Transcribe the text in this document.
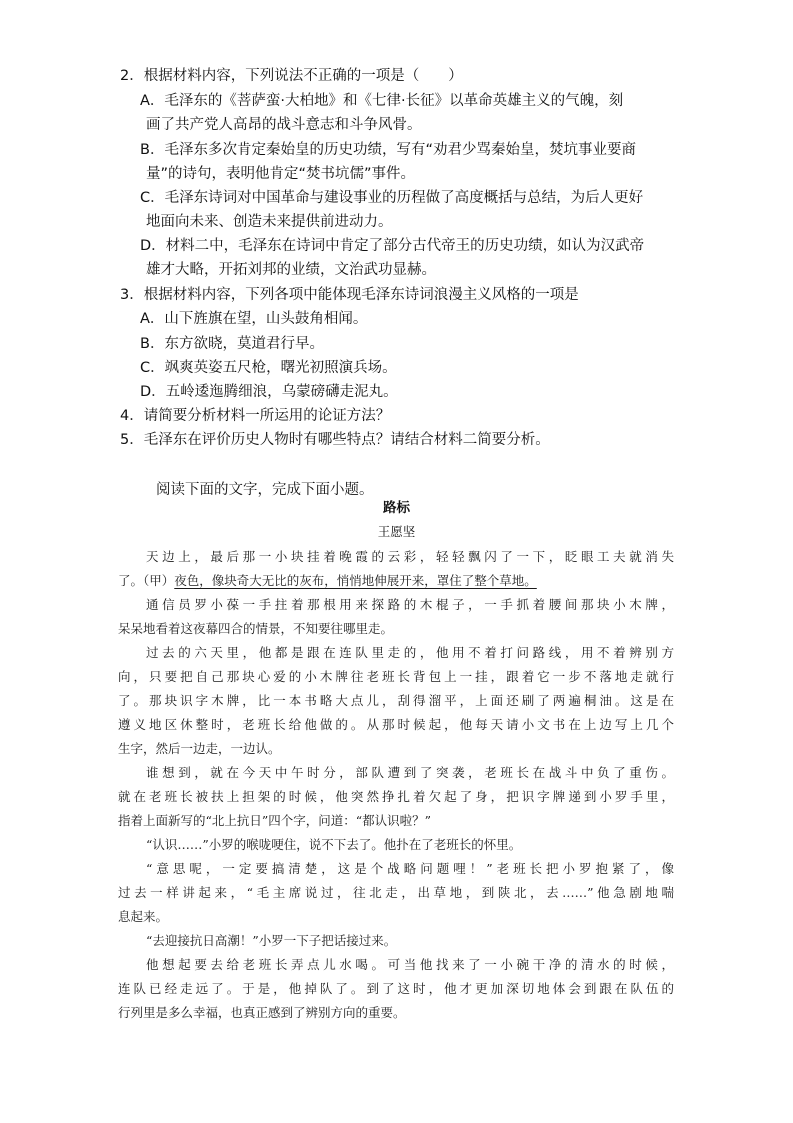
2．根据材料内容，下列说法不正确的一项是（　　）
A．毛泽东的《菩萨蛮·大柏地》和《七律·长征》以革命英雄主义的气魄，刻
画了共产党人高昂的战斗意志和斗争风骨。
B．毛泽东多次肯定秦始皇的历史功绩，写有“劝君少骂秦始皇，焚坑事业要商
量”的诗句，表明他肯定“焚书坑儒”事件。
C．毛泽东诗词对中国革命与建设事业的历程做了高度概括与总结，为后人更好
地面向未来、创造未来提供前进动力。
D．材料二中，毛泽东在诗词中肯定了部分古代帝王的历史功绩，如认为汉武帝
雄才大略，开拓刘邦的业绩，文治武功显赫。
3．根据材料内容，下列各项中能体现毛泽东诗词浪漫主义风格的一项是
A．山下旌旗在望，山头鼓角相闻。
B．东方欲晓，莫道君行早。
C．飒爽英姿五尺枪，曙光初照演兵场。
D．五岭逶迤腾细浪，乌蒙磅礴走泥丸。
4．请简要分析材料一所运用的论证方法？
5．毛泽东在评价历史人物时有哪些特点？请结合材料二简要分析。
阅读下面的文字，完成下面小题。
路标
王愿坚

天边上，最后那一小块挂着晚霞的云彩，轻轻飘闪了一下，眨眼工夫就消失

了。（甲）夜色，像块奇大无比的灰布，悄悄地伸展开来，罩住了整个草地。

通信员罗小葆一手拄着那根用来探路的木棍子，一手抓着腰间那块小木牌，

呆呆地看着这夜幕四合的情景，不知要往哪里走。

过去的六天里，他都是跟在连队里走的，他用不着打问路线，用不着辨别方

向，只要把自己那块心爱的小木牌往老班长背包上一挂，跟着它一步不落地走就行

了。那块识字木牌，比一本书略大点儿，刮得溜平，上面还刷了两遍桐油。这是在

遵义地区休整时，老班长给他做的。从那时候起，他每天请小文书在上边写上几个

生字，然后一边走，一边认。

谁想到，就在今天中午时分，部队遭到了突袭，老班长在战斗中负了重伤。

就在老班长被扶上担架的时候，他突然挣扎着欠起了身，把识字牌递到小罗手里，

指着上面新写的“北上抗日”四个字，问道：“都认识啦？”

“认识……”小罗的喉咙哽住，说不下去了。他扑在了老班长的怀里。

“意思呢，一定要搞清楚，这是个战略问题哩！”老班长把小罗抱紧了，像

过去一样讲起来，“毛主席说过，往北走，出草地，到陕北，去……”他急剧地喘

息起来。

“去迎接抗日高潮！”小罗一下子把话接过来。

他想起要去给老班长弄点儿水喝。可当他找来了一小碗干净的清水的时候，

连队已经走远了。于是，他掉队了。到了这时，他才更加深切地体会到跟在队伍的

行列里是多么幸福，也真正感到了辨别方向的重要。
